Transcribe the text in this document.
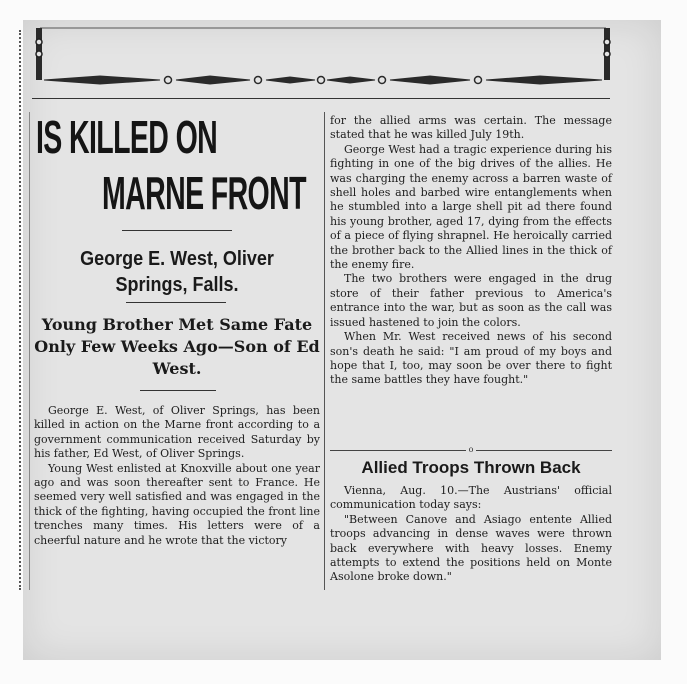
IS KILLED ON
MARNE FRONT
George E. West, Oliver Springs, Falls.
Young Brother Met Same Fate Only Few Weeks Ago—Son of Ed West.

George E. West, of Oliver Springs, has been killed in action on the Marne front according to a government communication received Saturday by his father, Ed West, of Oliver Springs.

Young West enlisted at Knoxville about one year ago and was soon thereafter sent to France. He seemed very well satisfied and was engaged in the thick of the fighting, having occupied the front line trenches many times. His letters were of a cheerful nature and he wrote that the victory

for the allied arms was certain. The message stated that he was killed July 19th.

George West had a tragic experience during his fighting in one of the big drives of the allies. He was charging the enemy across a barren waste of shell holes and barbed wire entanglements when he stumbled into a large shell pit ad there found his young brother, aged 17, dying from the effects of a piece of flying shrapnel. He heroically carried the brother back to the Allied lines in the thick of the enemy fire.

The two brothers were engaged in the drug store of their father previous to America's entrance into the war, but as soon as the call was issued hastened to join the colors.

When Mr. West received news of his second son's death he said: "I am proud of my boys and hope that I, too, may soon be over there to fight the same battles they have fought."

o
Allied Troops Thrown Back

Vienna, Aug. 10.—The Austrians' official communication today says:

"Between Canove and Asiago entente Allied troops advancing in dense waves were thrown back everywhere with heavy losses. Enemy attempts to extend the positions held on Monte Asolone broke down."
